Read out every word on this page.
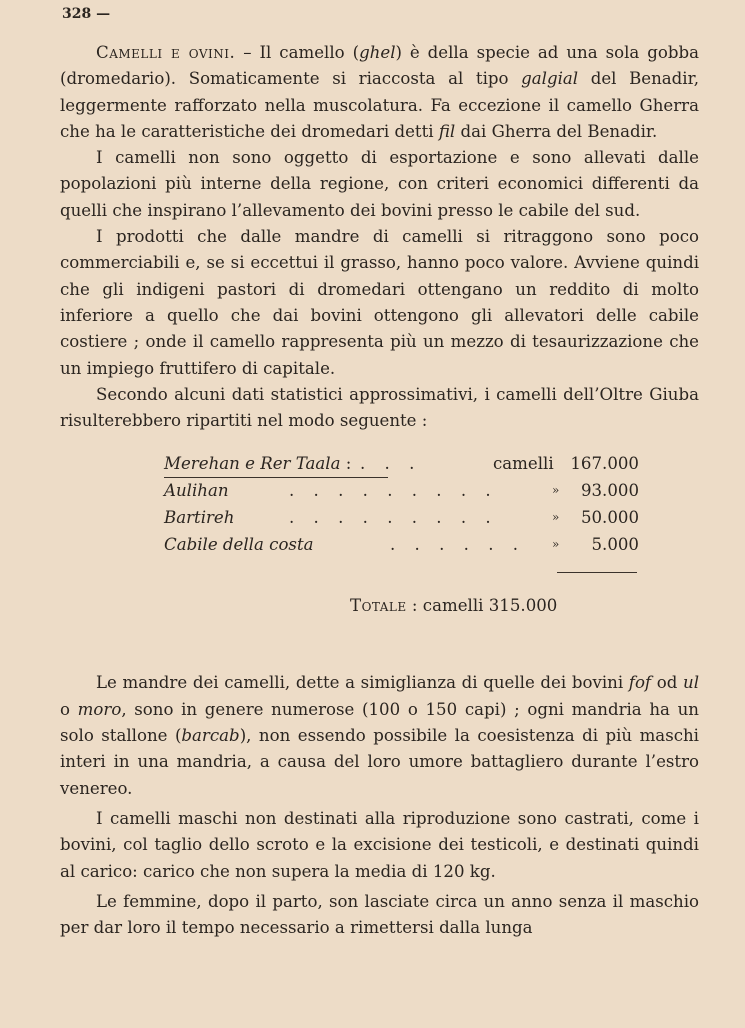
328 —

Camelli e ovini. – Il camello (ghel) è della specie ad una sola gobba (dromedario). Somaticamente si riaccosta al tipo galgial del Benadir, leggermente rafforzato nella muscolatura. Fa eccezione il camello Gherra che ha le caratteristiche dei dromedari detti fil dai Gherra del Benadir.

I camelli non sono oggetto di esportazione e sono allevati dalle popolazioni più interne della regione, con criteri economici differenti da quelli che inspirano l’allevamento dei bovini presso le cabile del sud.

I prodotti che dalle mandre di camelli si ritraggono sono poco commerciabili e, se si eccettui il grasso, hanno poco valore. Avviene quindi che gli indigeni pastori di dromedari ottengano un reddito di molto inferiore a quello che dai bovini ottengono gli allevatori delle cabile costiere ; onde il camello rappresenta più un mezzo di tesaurizzazione che un impiego fruttifero di capitale.

Secondo alcuni dati statistici approssimativi, i camelli dell’Oltre Giuba risulterebbero ripartiti nel modo seguente :

Merehan e Rer Taala : . . .	camelli 167.000
Aulihan	. . . . . . . . .	» 93.000
Bartireh	. . . . . . . . .	» 50.000
Cabile della costa	. . . . . . » 5.000
Totale : camelli 315.000

Le mandre dei camelli, dette a simiglianza di quelle dei bovini fof od ul o moro, sono in genere numerose (100 o 150 capi) ; ogni mandria ha un solo stallone (barcab), non essendo possibile la coesistenza di più maschi interi in una mandria, a causa del loro umore battagliero durante l’estro venereo.

I camelli maschi non destinati alla riproduzione sono castrati, come i bovini, col taglio dello scroto e la excisione dei testicoli, e destinati quindi al carico: carico che non supera la media di 120 kg.

Le femmine, dopo il parto, son lasciate circa un anno senza il maschio per dar loro il tempo necessario a rimettersi dalla lunga
